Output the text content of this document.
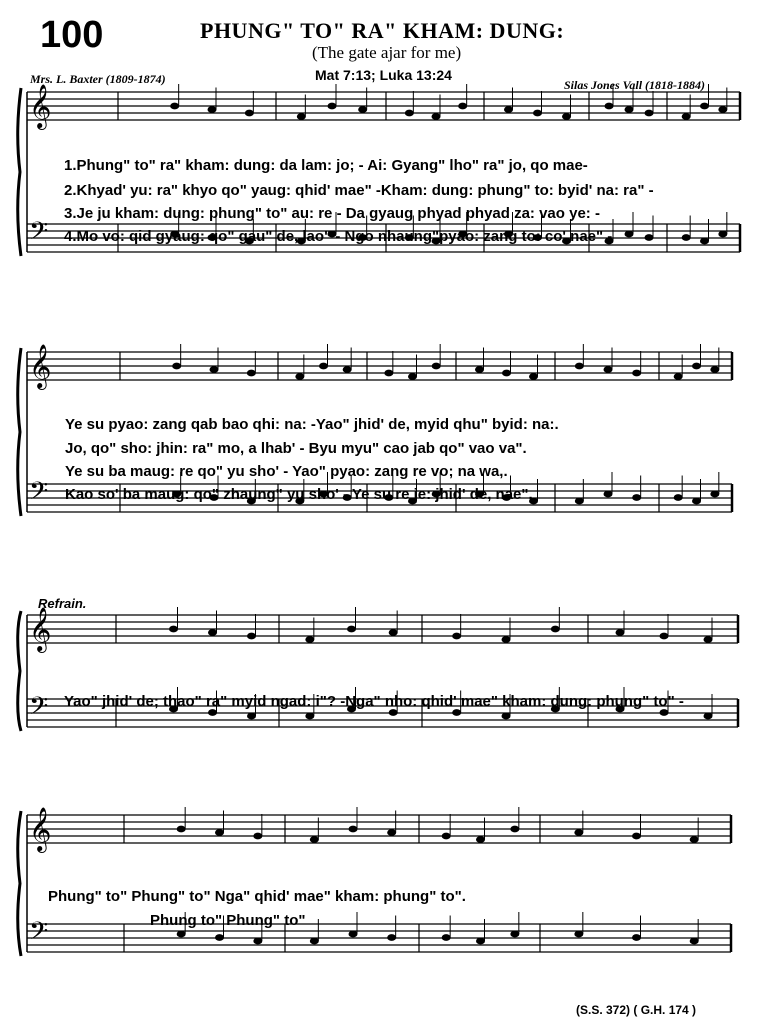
100	PHUNG" TO" RA" KHAM: DUNG:
(The gate ajar for me)
Mrs. L. Baxter (1809-1874)	Mat 7:13; Luka 13:24
Silas Jones Vall (1818-1884)
𝄞
𝄢
𝄞
𝄢
𝄞
𝄢
𝄞
𝄢
1.Phung" to" ra" kham: dung: da lam: jo; - Ai: Gyang" lho" ra" jo, qo mae-
2.Khyad' yu: ra" khyo qo" yaug: qhid' mae" -Kham: dung: phung" to: byid' na: ra" -
3.Je ju kham: dung: phung" to" au: re - Da gyaug phyad phyad za: vao ye: -
4.Mo vo: qid gyaug: qo" gau" de, lao" - Ngo nhaung"pyao: zang to: co' nae" -
Ye su pyao: zang qab bao qhi: na: -Yao" jhid' de, myid qhu" byid: na:.
Jo, qo" sho: jhin: ra" mo, a lhab' - Byu myu" cao jab qo" vao va".
Ye su ba maug: re qo" yu sho' - Yao" pyao: zang re vo; na wa,.
Kao so' ba maug: qo" zhaung" yu sho' - Ye su re je: jhid' de, nae".
Refrain.
Yao" jhid' de; thao" ra" myid ngad: i"? -Nga" nho: qhid' mae" kham: dung: phung" to" -
Phung" to" Phung" to" Nga" qhid' mae" kham: phung" to".
Phung to" Phung" to"
(S.S. 372) ( G.H. 174 )
